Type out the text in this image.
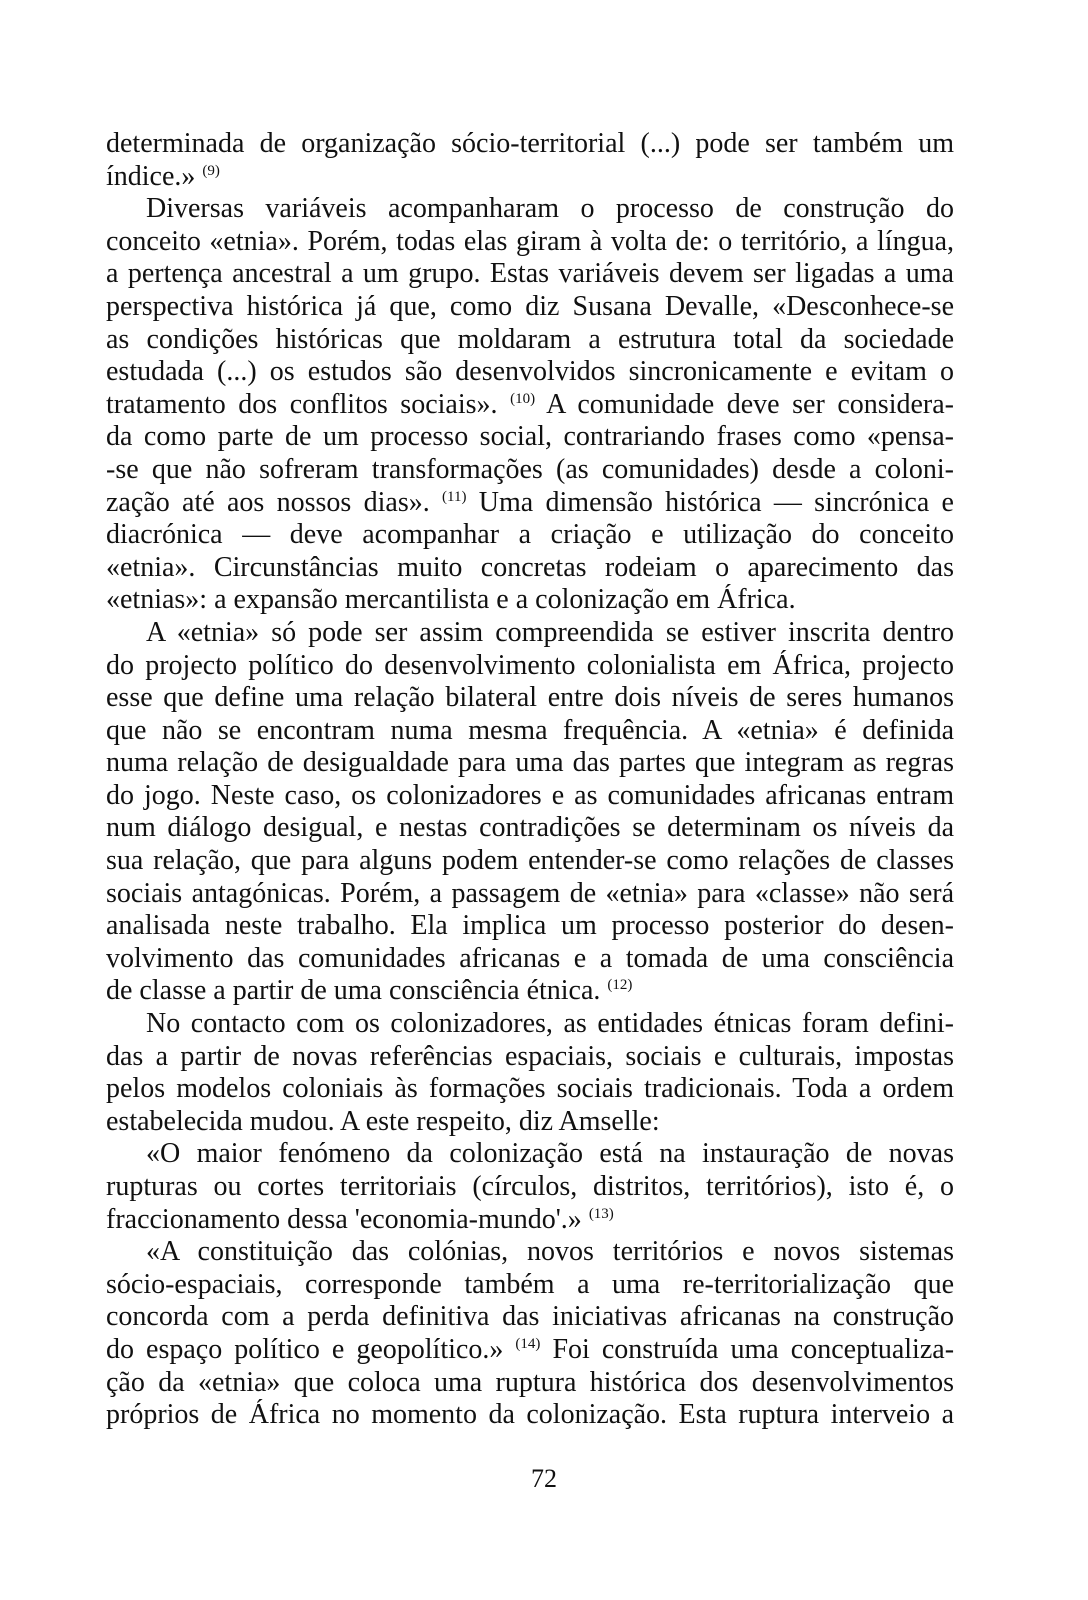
determinada de organização sócio-territorial (...) pode ser também um
índice.» $^{(9)}$
Diversas variáveis acompanharam o processo de construção do
conceito «etnia». Porém, todas elas giram à volta de: o território, a língua,
a pertença ancestral a um grupo. Estas variáveis devem ser ligadas a uma
perspectiva histórica já que, como diz Susana Devalle, «Desconhece-se
as condições históricas que moldaram a estrutura total da sociedade
estudada (...) os estudos são desenvolvidos sincronicamente e evitam o
tratamento dos conflitos sociais». $^{(10)}$ A comunidade deve ser considera-
da como parte de um processo social, contrariando frases como «pensa-
-se que não sofreram transformações (as comunidades) desde a coloni-
zação até aos nossos dias». $^{(11)}$ Uma dimensão histórica — sincrónica e
diacrónica — deve acompanhar a criação e utilização do conceito
«etnia». Circunstâncias muito concretas rodeiam o aparecimento das
«etnias»: a expansão mercantilista e a colonização em África.
A «etnia» só pode ser assim compreendida se estiver inscrita dentro
do projecto político do desenvolvimento colonialista em África, projecto
esse que define uma relação bilateral entre dois níveis de seres humanos
que não se encontram numa mesma frequência. A «etnia» é definida
numa relação de desigualdade para uma das partes que integram as regras
do jogo. Neste caso, os colonizadores e as comunidades africanas entram
num diálogo desigual, e nestas contradições se determinam os níveis da
sua relação, que para alguns podem entender-se como relações de classes
sociais antagónicas. Porém, a passagem de «etnia» para «classe» não será
analisada neste trabalho. Ela implica um processo posterior do desen-
volvimento das comunidades africanas e a tomada de uma consciência
de classe a partir de uma consciência étnica. $^{(12)}$
No contacto com os colonizadores, as entidades étnicas foram defini-
das a partir de novas referências espaciais, sociais e culturais, impostas
pelos modelos coloniais às formações sociais tradicionais. Toda a ordem
estabelecida mudou. A este respeito, diz Amselle:
«O maior fenómeno da colonização está na instauração de novas
rupturas ou cortes territoriais (círculos, distritos, territórios), isto é, o
fraccionamento dessa 'economia-mundo'.» $^{(13)}$
«A constituição das colónias, novos territórios e novos sistemas
sócio-espaciais, corresponde também a uma re-territorialização que
concorda com a perda definitiva das iniciativas africanas na construção
do espaço político e geopolítico.» $^{(14)}$ Foi construída uma conceptualiza-
ção da «etnia» que coloca uma ruptura histórica dos desenvolvimentos
próprios de África no momento da colonização. Esta ruptura interveio a
72
